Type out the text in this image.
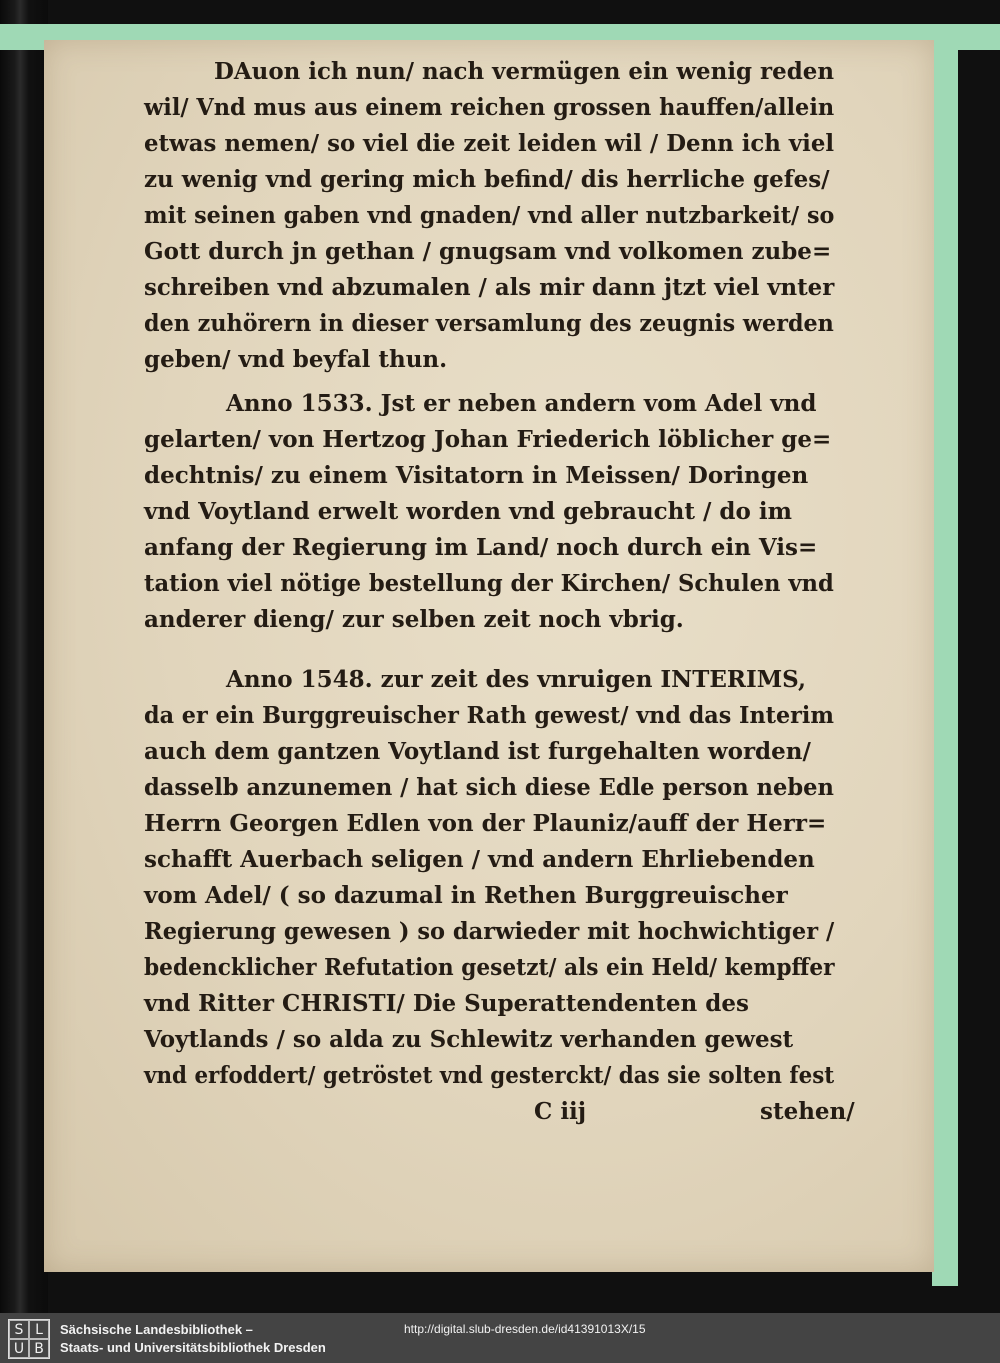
DAuon ich nun/ nach vermügen ein wenig reden
wil/ Vnd mus aus einem reichen grossen hauffen/allein
etwas nemen/ so viel die zeit leiden wil / Denn ich viel
zu wenig vnd gering mich befind/ dis herrliche gefes/
mit seinen gaben vnd gnaden/ vnd aller nutzbarkeit/ so
Gott durch jn gethan / gnugsam vnd volkomen zube=
schreiben vnd abzumalen / als mir dann jtzt viel vnter
den zuhörern in dieser versamlung des zeugnis werden
geben/ vnd beyfal thun.
Anno 1533. Jst er neben andern vom Adel vnd
gelarten/ von Hertzog Johan Friederich löblicher ge=
dechtnis/ zu einem Visitatorn in Meissen/ Doringen
vnd Voytland erwelt worden vnd gebraucht / do im
anfang der Regierung im Land/ noch durch ein Vis=
tation viel nötige bestellung der Kirchen/ Schulen vnd
anderer dieng/ zur selben zeit noch vbrig.
Anno 1548. zur zeit des vnruigen INTERIMS,
da er ein Burggreuischer Rath gewest/ vnd das Interim
auch dem gantzen Voytland ist furgehalten worden/
dasselb anzunemen / hat sich diese Edle person neben
Herrn Georgen Edlen von der Plauniz/auff der Herr=
schafft Auerbach seligen / vnd andern Ehrliebenden
vom Adel/ ( so dazumal in Rethen Burggreuischer
Regierung gewesen ) so darwieder mit hochwichtiger /
bedencklicher Refutation gesetzt/ als ein Held/ kempffer
vnd Ritter CHRISTI/ Die Superattendenten des
Voytlands / so alda zu Schlewitz verhanden gewest
vnd erfoddert/ getröstet vnd gesterckt/ das sie solten fest
C iij	stehen/
S L
U B
Sächsische Landesbibliothek –
Staats- und Universitätsbibliothek Dresden
http://digital.slub-dresden.de/id41391013X/15
